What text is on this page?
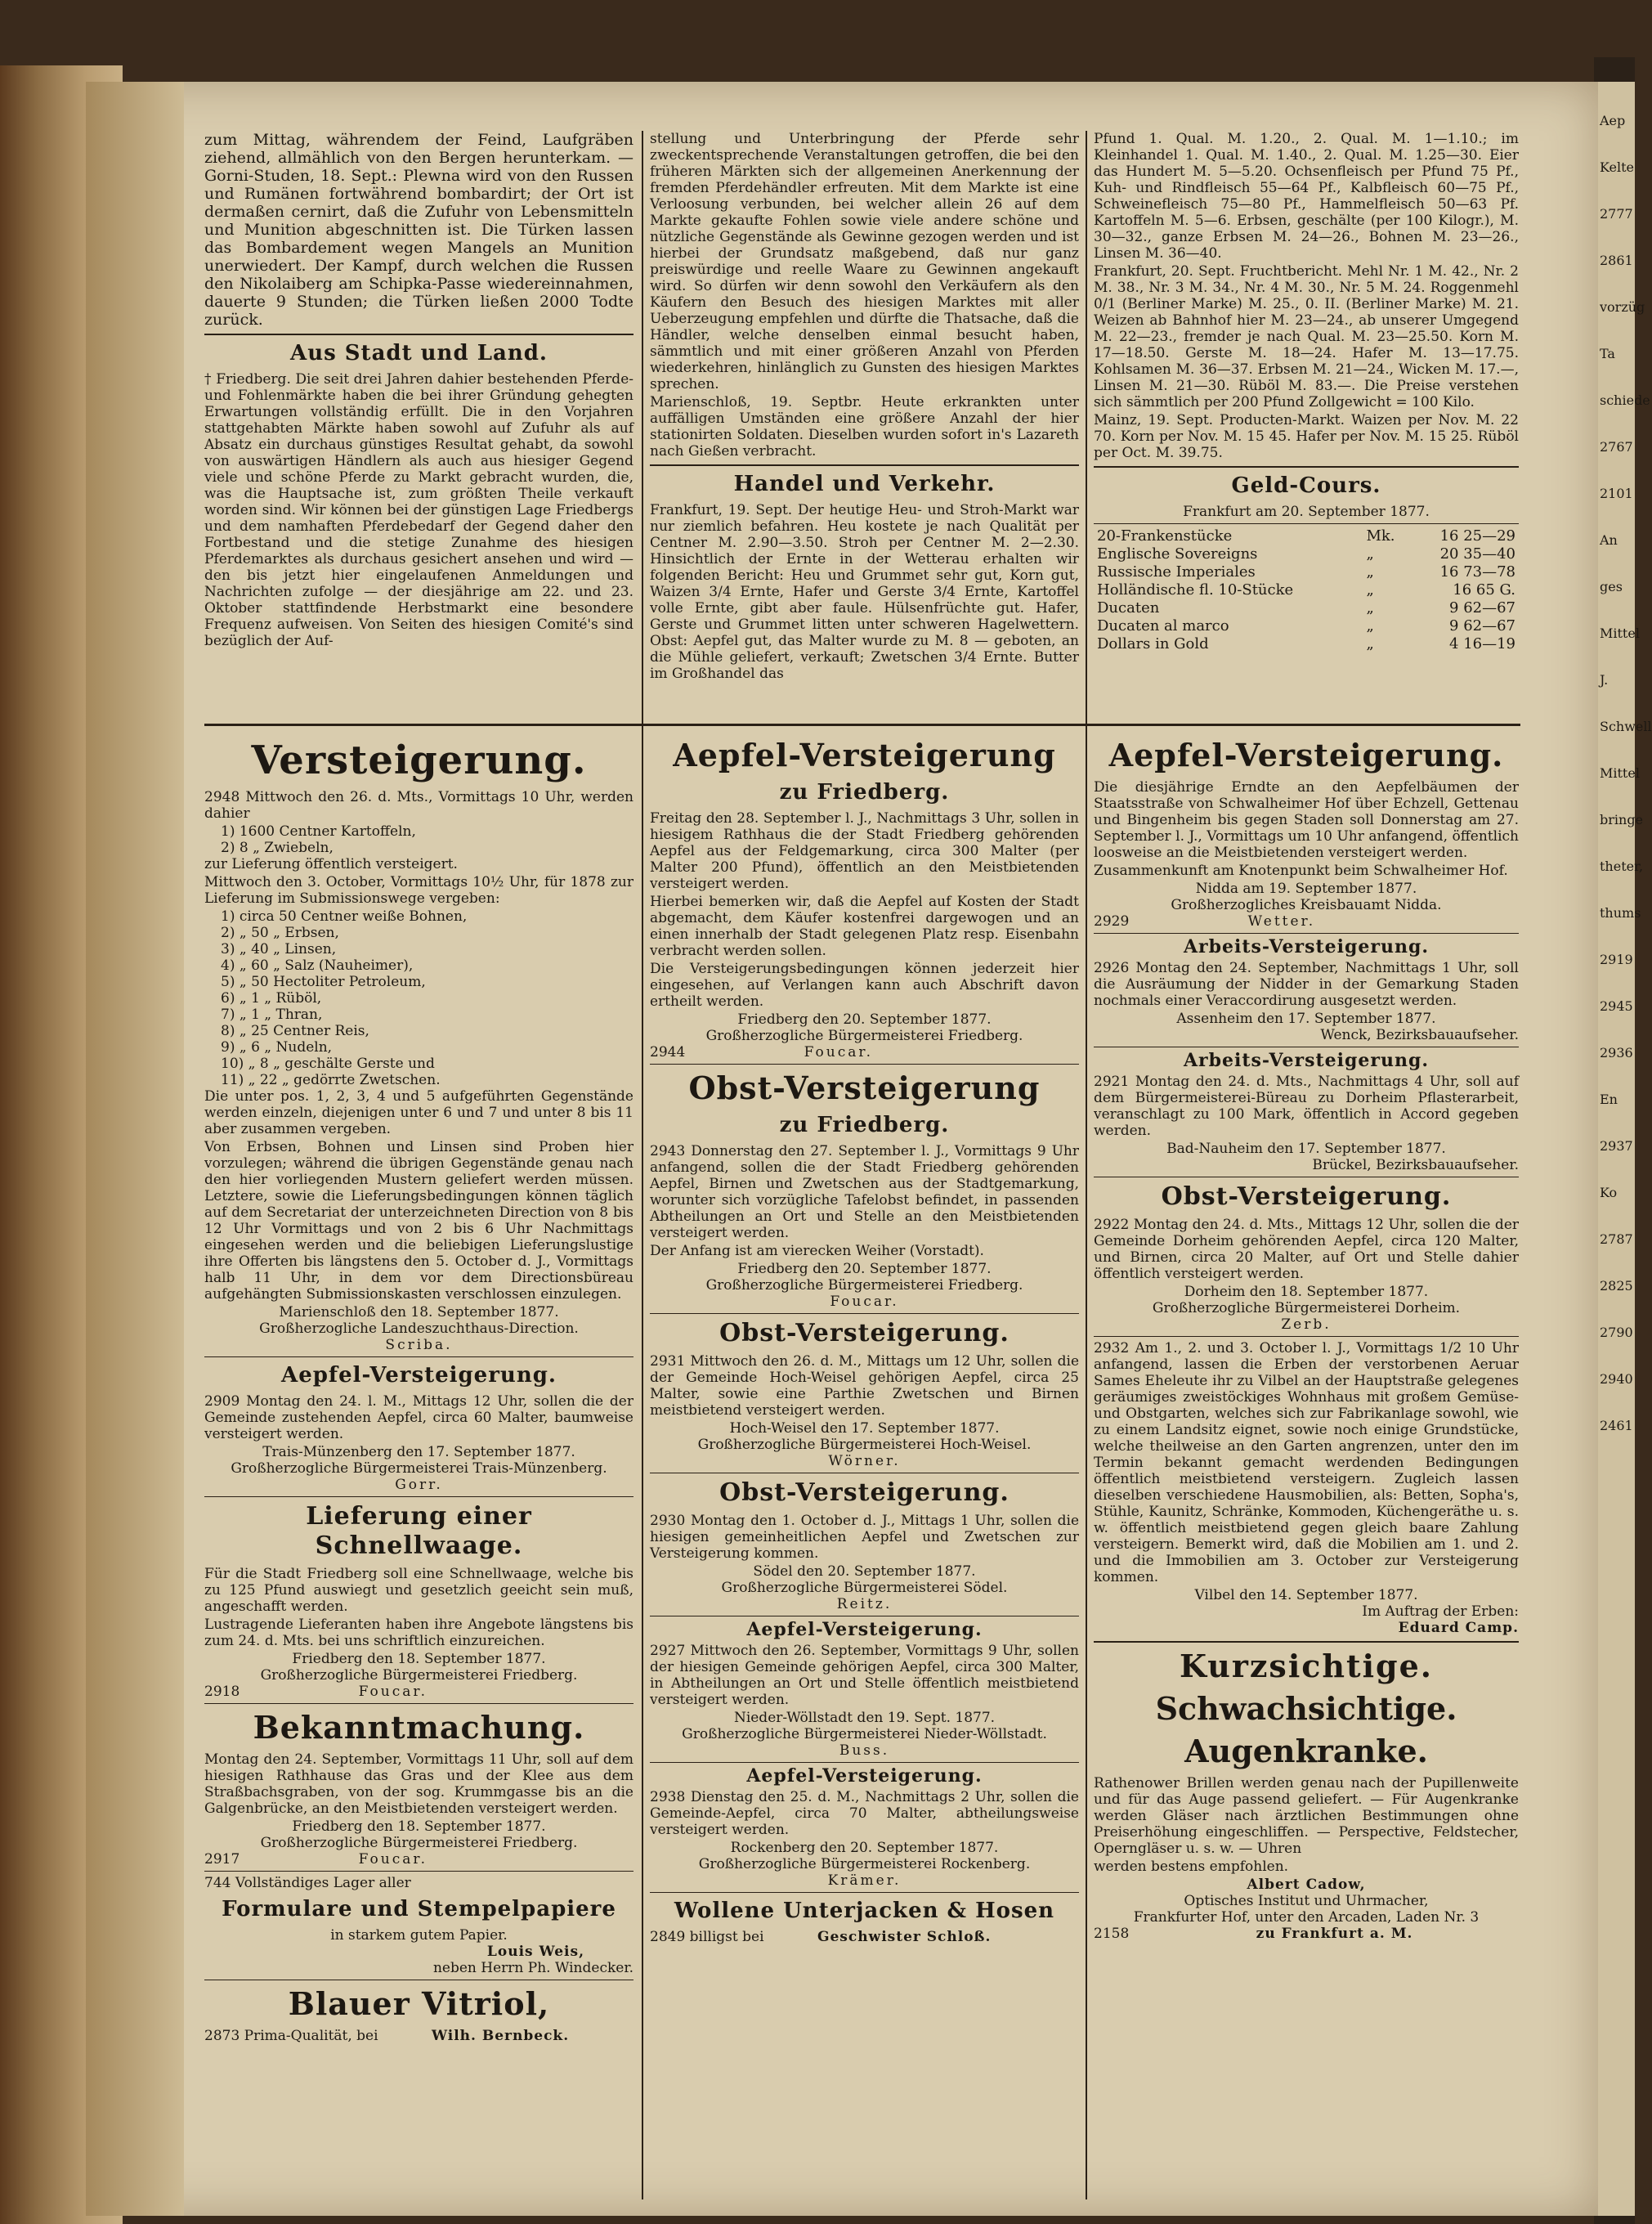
Aep
Kelte
2777
2861
vorzüg
Ta
schiede
2767
2101
An
ges
Mittel
J.
Schwell
Mittel
bringe
theter,
thums
2919
2945
2936
En
2937
Ko
2787
2825
2790
2940
2461

zum Mittag, währendem der Feind, Laufgräben ziehend, allmählich von den Bergen herunterkam. — Gorni-Studen, 18. Sept.: Plewna wird von den Russen und Rumänen fortwährend bombardirt; der Ort ist dermaßen cernirt, daß die Zufuhr von Lebensmitteln und Munition abgeschnitten ist. Die Türken lassen das Bombardement wegen Mangels an Munition unerwiedert. Der Kampf, durch welchen die Russen den Nikolaiberg am Schipka-Passe wiedereinnahmen, dauerte 9 Stunden; die Türken ließen 2000 Todte zurück.

Aus Stadt und Land.

† Friedberg. Die seit drei Jahren dahier bestehenden Pferde- und Fohlenmärkte haben die bei ihrer Gründung gehegten Erwartungen vollständig erfüllt. Die in den Vorjahren stattgehabten Märkte haben sowohl auf Zufuhr als auf Absatz ein durchaus günstiges Resultat gehabt, da sowohl von auswärtigen Händlern als auch aus hiesiger Gegend viele und schöne Pferde zu Markt gebracht wurden, die, was die Hauptsache ist, zum größten Theile verkauft worden sind. Wir können bei der günstigen Lage Friedbergs und dem namhaften Pferdebedarf der Gegend daher den Fortbestand und die stetige Zunahme des hiesigen Pferdemarktes als durchaus gesichert ansehen und wird — den bis jetzt hier eingelaufenen Anmeldungen und Nachrichten zufolge — der diesjährige am 22. und 23. Oktober stattfindende Herbstmarkt eine besondere Frequenz aufweisen. Von Seiten des hiesigen Comité's sind bezüglich der Auf-

stellung und Unterbringung der Pferde sehr zweckentsprechende Veranstaltungen getroffen, die bei den früheren Märkten sich der allgemeinen Anerkennung der fremden Pferdehändler erfreuten. Mit dem Markte ist eine Verloosung verbunden, bei welcher allein 26 auf dem Markte gekaufte Fohlen sowie viele andere schöne und nützliche Gegenstände als Gewinne gezogen werden und ist hierbei der Grundsatz maßgebend, daß nur ganz preiswürdige und reelle Waare zu Gewinnen angekauft wird. So dürfen wir denn sowohl den Verkäufern als den Käufern den Besuch des hiesigen Marktes mit aller Ueberzeugung empfehlen und dürfte die Thatsache, daß die Händler, welche denselben einmal besucht haben, sämmtlich und mit einer größeren Anzahl von Pferden wiederkehren, hinlänglich zu Gunsten des hiesigen Marktes sprechen.

Marienschloß, 19. Septbr. Heute erkrankten unter auffälligen Umständen eine größere Anzahl der hier stationirten Soldaten. Dieselben wurden sofort in's Lazareth nach Gießen verbracht.

Handel und Verkehr.

Frankfurt, 19. Sept. Der heutige Heu- und Stroh-Markt war nur ziemlich befahren. Heu kostete je nach Qualität per Centner M. 2.90—3.50. Stroh per Centner M. 2—2.30. Hinsichtlich der Ernte in der Wetterau erhalten wir folgenden Bericht: Heu und Grummet sehr gut, Korn gut, Waizen 3/4 Ernte, Hafer und Gerste 3/4 Ernte, Kartoffel volle Ernte, gibt aber faule. Hülsenfrüchte gut. Hafer, Gerste und Grummet litten unter schweren Hagelwettern. Obst: Aepfel gut, das Malter wurde zu M. 8 — geboten, an die Mühle geliefert, verkauft; Zwetschen 3/4 Ernte. Butter im Großhandel das

Pfund 1. Qual. M. 1.20., 2. Qual. M. 1—1.10.; im Kleinhandel 1. Qual. M. 1.40., 2. Qual. M. 1.25—30. Eier das Hundert M. 5—5.20. Ochsenfleisch per Pfund 75 Pf., Kuh- und Rindfleisch 55—64 Pf., Kalbfleisch 60—75 Pf., Schweinefleisch 75—80 Pf., Hammelfleisch 50—63 Pf. Kartoffeln M. 5—6. Erbsen, geschälte (per 100 Kilogr.), M. 30—32., ganze Erbsen M. 24—26., Bohnen M. 23—26., Linsen M. 36—40.

Frankfurt, 20. Sept. Fruchtbericht. Mehl Nr. 1 M. 42., Nr. 2 M. 38., Nr. 3 M. 34., Nr. 4 M. 30., Nr. 5 M. 24. Roggenmehl 0/1 (Berliner Marke) M. 25., 0. II. (Berliner Marke) M. 21. Weizen ab Bahnhof hier M. 23—24., ab unserer Umgegend M. 22—23., fremder je nach Qual. M. 23—25.50. Korn M. 17—18.50. Gerste M. 18—24. Hafer M. 13—17.75. Kohlsamen M. 36—37. Erbsen M. 21—24., Wicken M. 17.—, Linsen M. 21—30. Rüböl M. 83.—. Die Preise verstehen sich sämmtlich per 200 Pfund Zollgewicht = 100 Kilo.

Mainz, 19. Sept. Producten-Markt. Waizen per Nov. M. 22 70. Korn per Nov. M. 15 45. Hafer per Nov. M. 15 25. Rüböl per Oct. M. 39.75.

Geld-Cours.
Frankfurt am 20. September 1877.
20-Frankenstücke	Mk.	16 25—29
Englische Sovereigns	„	20 35—40
Russische Imperiales	„	16 73—78
Holländische fl. 10-Stücke	„	16 65 G.
Ducaten	„	9 62—67
Ducaten al marco	„	9 62—67
Dollars in Gold	„	4 16—19
Versteigerung.

2948 Mittwoch den 26. d. Mts., Vormittags 10 Uhr, werden dahier

1) 1600 Centner Kartoffeln,
2) 8 „ Zwiebeln,

zur Lieferung öffentlich versteigert.

Mittwoch den 3. October, Vormittags 10½ Uhr, für 1878 zur Lieferung im Submissionswege vergeben:

1) circa 50 Centner weiße Bohnen,
2) „ 50 „ Erbsen,
3) „ 40 „ Linsen,
4) „ 60 „ Salz (Nauheimer),
5) „ 50 Hectoliter Petroleum,
6) „ 1 „ Rüböl,
7) „ 1 „ Thran,
8) „ 25 Centner Reis,
9) „ 6 „ Nudeln,
10) „ 8 „ geschälte Gerste und
11) „ 22 „ gedörrte Zwetschen.

Die unter pos. 1, 2, 3, 4 und 5 aufgeführten Gegenstände werden einzeln, diejenigen unter 6 und 7 und unter 8 bis 11 aber zusammen vergeben.

Von Erbsen, Bohnen und Linsen sind Proben hier vorzulegen; während die übrigen Gegenstände genau nach den hier vorliegenden Mustern geliefert werden müssen. Letztere, sowie die Lieferungsbedingungen können täglich auf dem Secretariat der unterzeichneten Direction von 8 bis 12 Uhr Vormittags und von 2 bis 6 Uhr Nachmittags eingesehen werden und die beliebigen Lieferungslustige ihre Offerten bis längstens den 5. October d. J., Vormittags halb 11 Uhr, in dem vor dem Directionsbüreau aufgehängten Submissionskasten verschlossen einzulegen.

Marienschloß den 18. September 1877.
Großherzogliche Landeszuchthaus-Direction.
Scriba.
Aepfel-Versteigerung.

2909 Montag den 24. l. M., Mittags 12 Uhr, sollen die der Gemeinde zustehenden Aepfel, circa 60 Malter, baumweise versteigert werden.

Trais-Münzenberg den 17. September 1877.
Großherzogliche Bürgermeisterei Trais-Münzenberg.
Gorr.
Lieferung einer Schnellwaage.

Für die Stadt Friedberg soll eine Schnellwaage, welche bis zu 125 Pfund auswiegt und gesetzlich geeicht sein muß, angeschafft werden.

Lustragende Lieferanten haben ihre Angebote längstens bis zum 24. d. Mts. bei uns schriftlich einzureichen.

Friedberg den 18. September 1877.
Großherzogliche Bürgermeisterei Friedberg.
2918	Foucar.
Bekanntmachung.

Montag den 24. September, Vormittags 11 Uhr, soll auf dem hiesigen Rathhause das Gras und der Klee aus dem Straßbachsgraben, von der sog. Krummgasse bis an die Galgenbrücke, an den Meistbietenden versteigert werden.

Friedberg den 18. September 1877.
Großherzogliche Bürgermeisterei Friedberg.
2917	Foucar.
744 Vollständiges Lager aller
Formulare und Stempelpapiere
in starkem gutem Papier.
Louis Weis,
neben Herrn Ph. Windecker.
Blauer Vitriol,
2873 Prima-Qualität, bei	Wilh. Bernbeck.
Aepfel-Versteigerung
zu Friedberg.

Freitag den 28. September l. J., Nachmittags 3 Uhr, sollen in hiesigem Rathhaus die der Stadt Friedberg gehörenden Aepfel aus der Feldgemarkung, circa 300 Malter (per Malter 200 Pfund), öffentlich an den Meistbietenden versteigert werden.

Hierbei bemerken wir, daß die Aepfel auf Kosten der Stadt abgemacht, dem Käufer kostenfrei dargewogen und an einen innerhalb der Stadt gelegenen Platz resp. Eisenbahn verbracht werden sollen.

Die Versteigerungsbedingungen können jederzeit hier eingesehen, auf Verlangen kann auch Abschrift davon ertheilt werden.

Friedberg den 20. September 1877.
Großherzogliche Bürgermeisterei Friedberg.
2944	Foucar.
Obst-Versteigerung
zu Friedberg.

2943 Donnerstag den 27. September l. J., Vormittags 9 Uhr anfangend, sollen die der Stadt Friedberg gehörenden Aepfel, Birnen und Zwetschen aus der Stadtgemarkung, worunter sich vorzügliche Tafelobst befindet, in passenden Abtheilungen an Ort und Stelle an den Meistbietenden versteigert werden.

Der Anfang ist am vierecken Weiher (Vorstadt).

Friedberg den 20. September 1877.
Großherzogliche Bürgermeisterei Friedberg.
Foucar.
Obst-Versteigerung.

2931 Mittwoch den 26. d. M., Mittags um 12 Uhr, sollen die der Gemeinde Hoch-Weisel gehörigen Aepfel, circa 25 Malter, sowie eine Parthie Zwetschen und Birnen meistbietend versteigert werden.

Hoch-Weisel den 17. September 1877.
Großherzogliche Bürgermeisterei Hoch-Weisel.
Wörner.
Obst-Versteigerung.

2930 Montag den 1. October d. J., Mittags 1 Uhr, sollen die hiesigen gemeinheitlichen Aepfel und Zwetschen zur Versteigerung kommen.

Södel den 20. September 1877.
Großherzogliche Bürgermeisterei Södel.
Reitz.
Aepfel-Versteigerung.

2927 Mittwoch den 26. September, Vormittags 9 Uhr, sollen der hiesigen Gemeinde gehörigen Aepfel, circa 300 Malter, in Abtheilungen an Ort und Stelle öffentlich meistbietend versteigert werden.

Nieder-Wöllstadt den 19. Sept. 1877.
Großherzogliche Bürgermeisterei Nieder-Wöllstadt.
Buss.
Aepfel-Versteigerung.

2938 Dienstag den 25. d. M., Nachmittags 2 Uhr, sollen die Gemeinde-Aepfel, circa 70 Malter, abtheilungsweise versteigert werden.

Rockenberg den 20. September 1877.
Großherzogliche Bürgermeisterei Rockenberg.
Krämer.
Wollene Unterjacken & Hosen
2849 billigst bei	Geschwister Schloß.
Aepfel-Versteigerung.

Die diesjährige Erndte an den Aepfelbäumen der Staatsstraße von Schwalheimer Hof über Echzell, Gettenau und Bingenheim bis gegen Staden soll Donnerstag am 27. September l. J., Vormittags um 10 Uhr anfangend, öffentlich loosweise an die Meistbietenden versteigert werden.

Zusammenkunft am Knotenpunkt beim Schwalheimer Hof.

Nidda am 19. September 1877.
Großherzogliches Kreisbauamt Nidda.
2929	Wetter.
Arbeits-Versteigerung.

2926 Montag den 24. September, Nachmittags 1 Uhr, soll die Ausräumung der Nidder in der Gemarkung Staden nochmals einer Veraccordirung ausgesetzt werden.

Assenheim den 17. September 1877.
Wenck, Bezirksbauaufseher.
Arbeits-Versteigerung.

2921 Montag den 24. d. Mts., Nachmittags 4 Uhr, soll auf dem Bürgermeisterei-Büreau zu Dorheim Pflasterarbeit, veranschlagt zu 100 Mark, öffentlich in Accord gegeben werden.

Bad-Nauheim den 17. September 1877.
Brückel, Bezirksbauaufseher.
Obst-Versteigerung.

2922 Montag den 24. d. Mts., Mittags 12 Uhr, sollen die der Gemeinde Dorheim gehörenden Aepfel, circa 120 Malter, und Birnen, circa 20 Malter, auf Ort und Stelle dahier öffentlich versteigert werden.

Dorheim den 18. September 1877.
Großherzogliche Bürgermeisterei Dorheim.
Zerb.

2932 Am 1., 2. und 3. October l. J., Vormittags 1/2 10 Uhr anfangend, lassen die Erben der verstorbenen Aeruar Sames Eheleute ihr zu Vilbel an der Hauptstraße gelegenes geräumiges zweistöckiges Wohnhaus mit großem Gemüse- und Obstgarten, welches sich zur Fabrikanlage sowohl, wie zu einem Landsitz eignet, sowie noch einige Grundstücke, welche theilweise an den Garten angrenzen, unter den im Termin bekannt gemacht werdenden Bedingungen öffentlich meistbietend versteigern. Zugleich lassen dieselben verschiedene Hausmobilien, als: Betten, Sopha's, Stühle, Kaunitz, Schränke, Kommoden, Küchengeräthe u. s. w. öffentlich meistbietend gegen gleich baare Zahlung versteigern. Bemerkt wird, daß die Mobilien am 1. und 2. und die Immobilien am 3. October zur Versteigerung kommen.

Vilbel den 14. September 1877.
Im Auftrag der Erben:
Eduard Camp.
Kurzsichtige.
Schwachsichtige.
Augenkranke.

Rathenower Brillen werden genau nach der Pupillenweite und für das Auge passend geliefert. — Für Augenkranke werden Gläser nach ärztlichen Bestimmungen ohne Preiserhöhung eingeschliffen. — Perspective, Feldstecher, Operngläser u. s. w. — Uhren

werden bestens empfohlen.

Albert Cadow,
Optisches Institut und Uhrmacher,
Frankfurter Hof, unter den Arcaden, Laden Nr. 3
2158	zu Frankfurt a. M.
